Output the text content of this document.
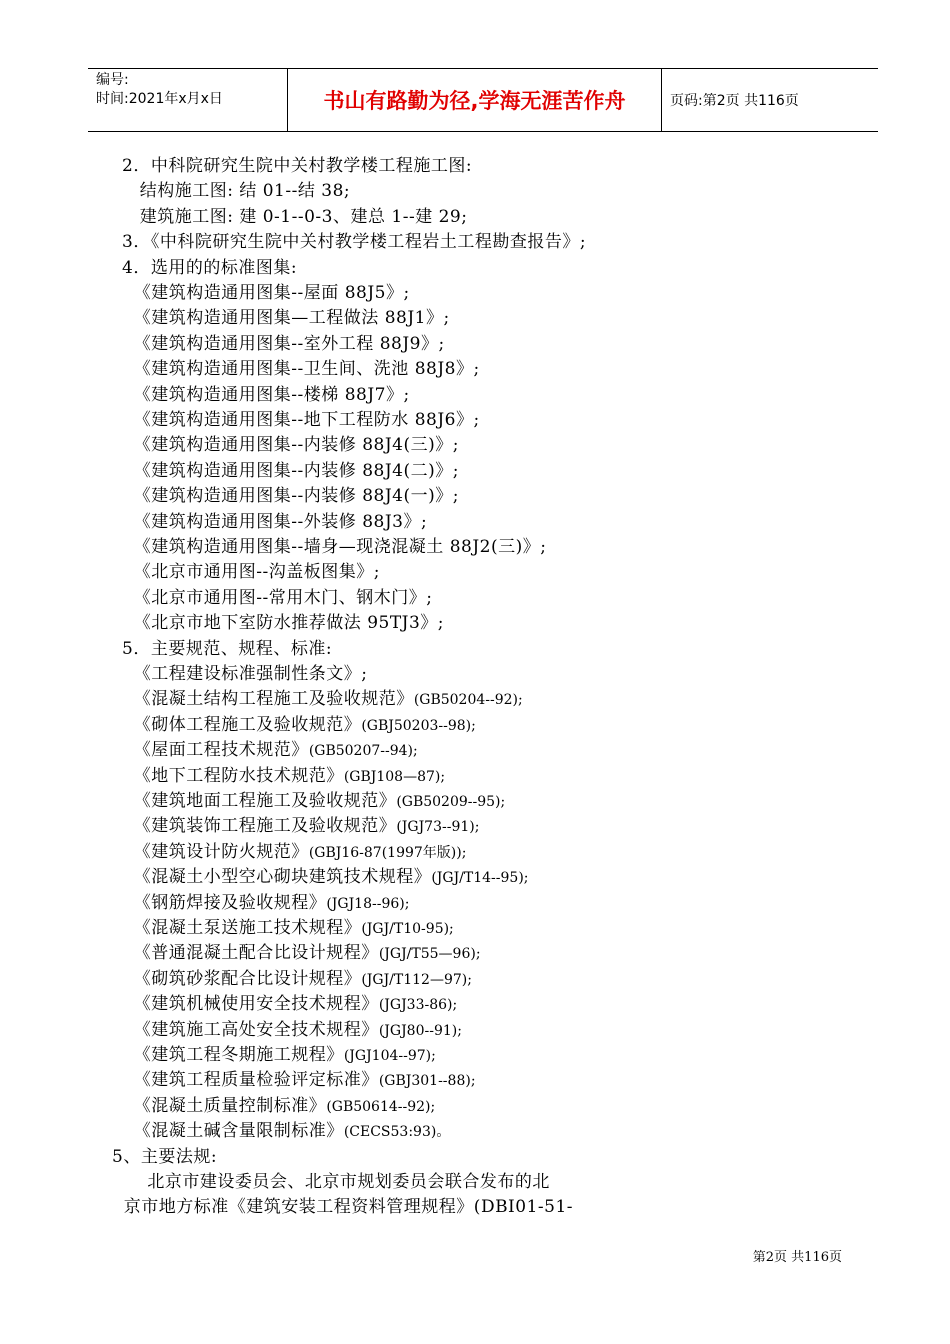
编号:
时间:2021年x月x日	书山有路勤为径,学海无涯苦作舟	页码:第2页 共116页
2．中科院研究生院中关村教学楼工程施工图:
结构施工图: 结 01--结 38;
建筑施工图: 建 0-1--0-3、建总 1--建 29;
3．《中科院研究生院中关村教学楼工程岩土工程勘查报告》;
4．选用的的标准图集:
《建筑构造通用图集--屋面 88J5》;
《建筑构造通用图集—工程做法 88J1》;
《建筑构造通用图集--室外工程 88J9》;
《建筑构造通用图集--卫生间、洗池 88J8》;
《建筑构造通用图集--楼梯 88J7》;
《建筑构造通用图集--地下工程防水 88J6》;
《建筑构造通用图集--内装修 88J4(三)》;
《建筑构造通用图集--内装修 88J4(二)》;
《建筑构造通用图集--内装修 88J4(一)》;
《建筑构造通用图集--外装修 88J3》;
《建筑构造通用图集--墙身—现浇混凝土 88J2(三)》;
《北京市通用图--沟盖板图集》;
《北京市通用图--常用木门、钢木门》;
《北京市地下室防水推荐做法 95TJ3》;
5．主要规范、规程、标准:
《工程建设标准强制性条文》;
《混凝土结构工程施工及验收规范》(GB50204--92);
《砌体工程施工及验收规范》(GBJ50203--98);
《屋面工程技术规范》(GB50207--94);
《地下工程防水技术规范》(GBJ108—87);
《建筑地面工程施工及验收规范》(GB50209--95);
《建筑装饰工程施工及验收规范》(JGJ73--91);
《建筑设计防火规范》(GBJ16-87(1997年版));
《混凝土小型空心砌块建筑技术规程》(JGJ/T14--95);
《钢筋焊接及验收规程》(JGJ18--96);
《混凝土泵送施工技术规程》(JGJ/T10-95);
《普通混凝土配合比设计规程》(JGJ/T55—96);
《砌筑砂浆配合比设计规程》(JGJ/T112—97);
《建筑机械使用安全技术规程》(JGJ33-86);
《建筑施工高处安全技术规程》(JGJ80--91);
《建筑工程冬期施工规程》(JGJ104--97);
《建筑工程质量检验评定标准》(GBJ301--88);
《混凝土质量控制标准》(GB50614--92);
《混凝土碱含量限制标准》(CECS53:93)。
5、主要法规:
北京市建设委员会、北京市规划委员会联合发布的北
京市地方标准《建筑安装工程资料管理规程》(DBI01-51-
第2页 共116页
